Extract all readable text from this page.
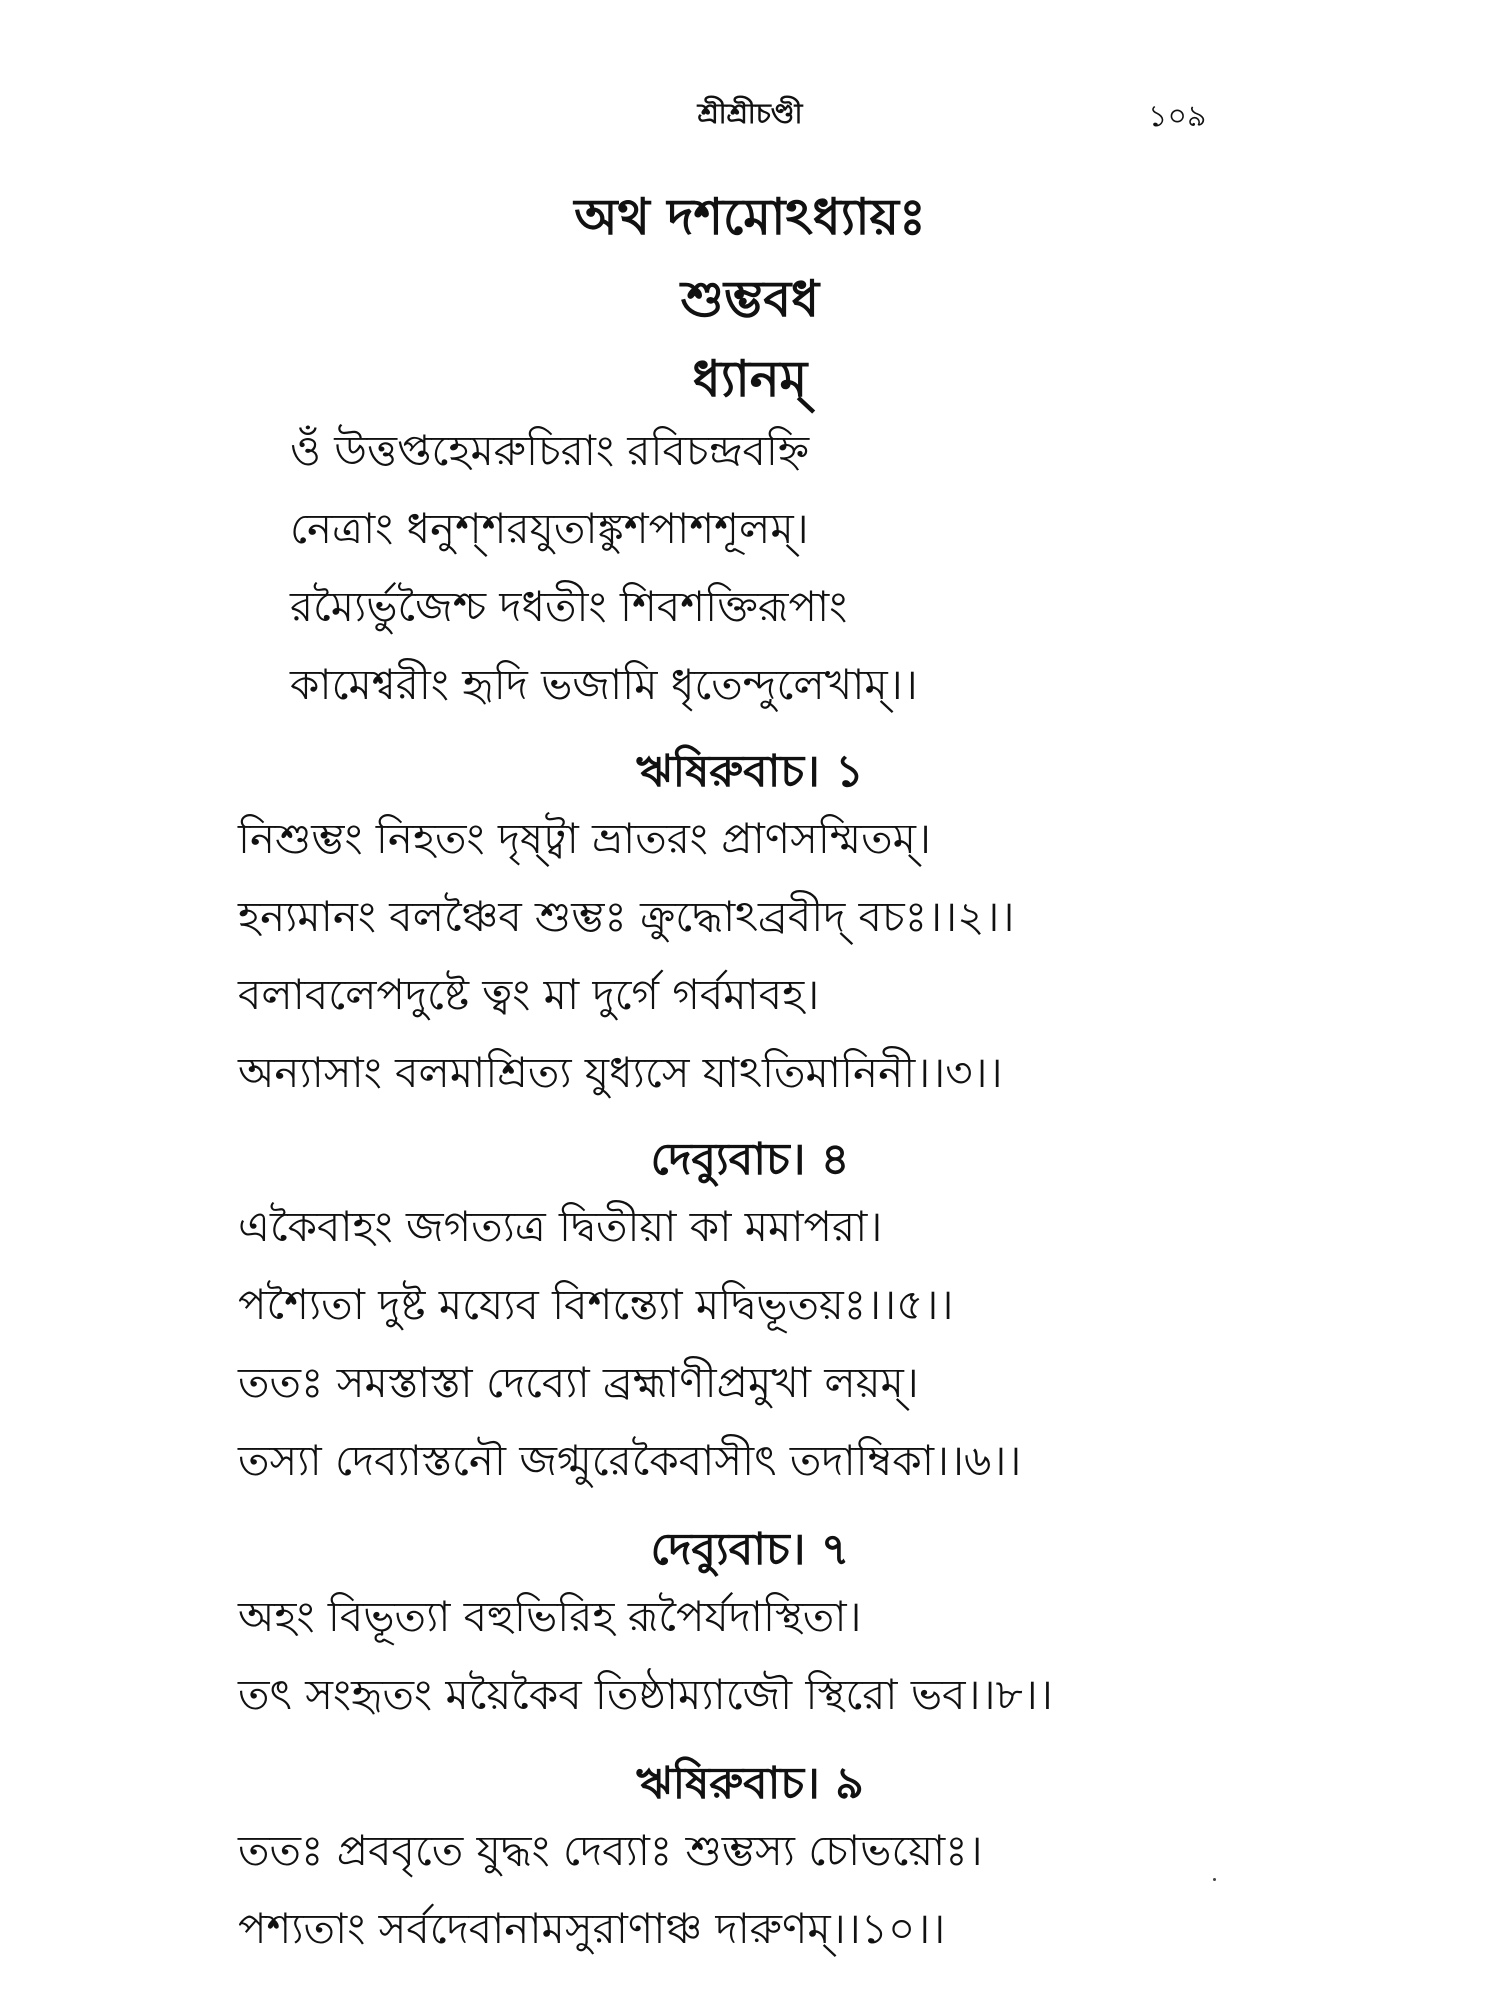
শ্রীশ্রীচণ্ডী	১০৯
অথ দশমোঽধ্যায়ঃ
শুম্ভবধ
ধ্যানম্
ওঁ উত্তপ্তহেমরুচিরাং রবিচন্দ্রবহ্নি
নেত্রাং ধনুশ্শরযুতাঙ্কুশপাশশূলম্।
রম্যৈর্ভুজৈশ্চ দধতীং শিবশক্তিরূপাং
কামেশ্বরীং হৃদি ভজামি ধৃতেন্দুলেখাম্।।
ঋষিরুবাচ। ১
নিশুম্ভং নিহতং দৃষ্ট্বা ভ্রাতরং প্রাণসম্মিতম্।
হন্যমানং বলঞ্চৈব শুম্ভঃ ক্রুদ্ধোঽব্রবীদ্ বচঃ।।২।।
বলাবলেপদুষ্টে ত্বং মা দুর্গে গর্বমাবহ।
অন্যাসাং বলমাশ্রিত্য যুধ্যসে যাঽতিমানিনী।।৩।।
দেব্যুবাচ। ৪
একৈবাহং জগত্যত্র দ্বিতীয়া কা মমাপরা।
পশ্যৈতা দুষ্ট ময্যেব বিশন্ত্যো মদ্বিভূতয়ঃ।।৫।।
ততঃ সমস্তাস্তা দেব্যো ব্রহ্মাণীপ্রমুখা লয়ম্।
তস্যা দেব্যাস্তনৌ জগ্মুরেকৈবাসীৎ তদাম্বিকা।।৬।।
দেব্যুবাচ। ৭
অহং বিভূত্যা বহুভিরিহ রূপৈর্যদাস্থিতা।
তৎ সংহৃতং ময়ৈকৈব তিষ্ঠাম্যাজৌ স্থিরো ভব।।৮।।
ঋষিরুবাচ। ৯
ততঃ প্রববৃতে যুদ্ধং দেব্যাঃ শুম্ভস্য চোভয়োঃ।
পশ্যতাং সর্বদেবানামসুরাণাঞ্চ দারুণম্।।১০।।
